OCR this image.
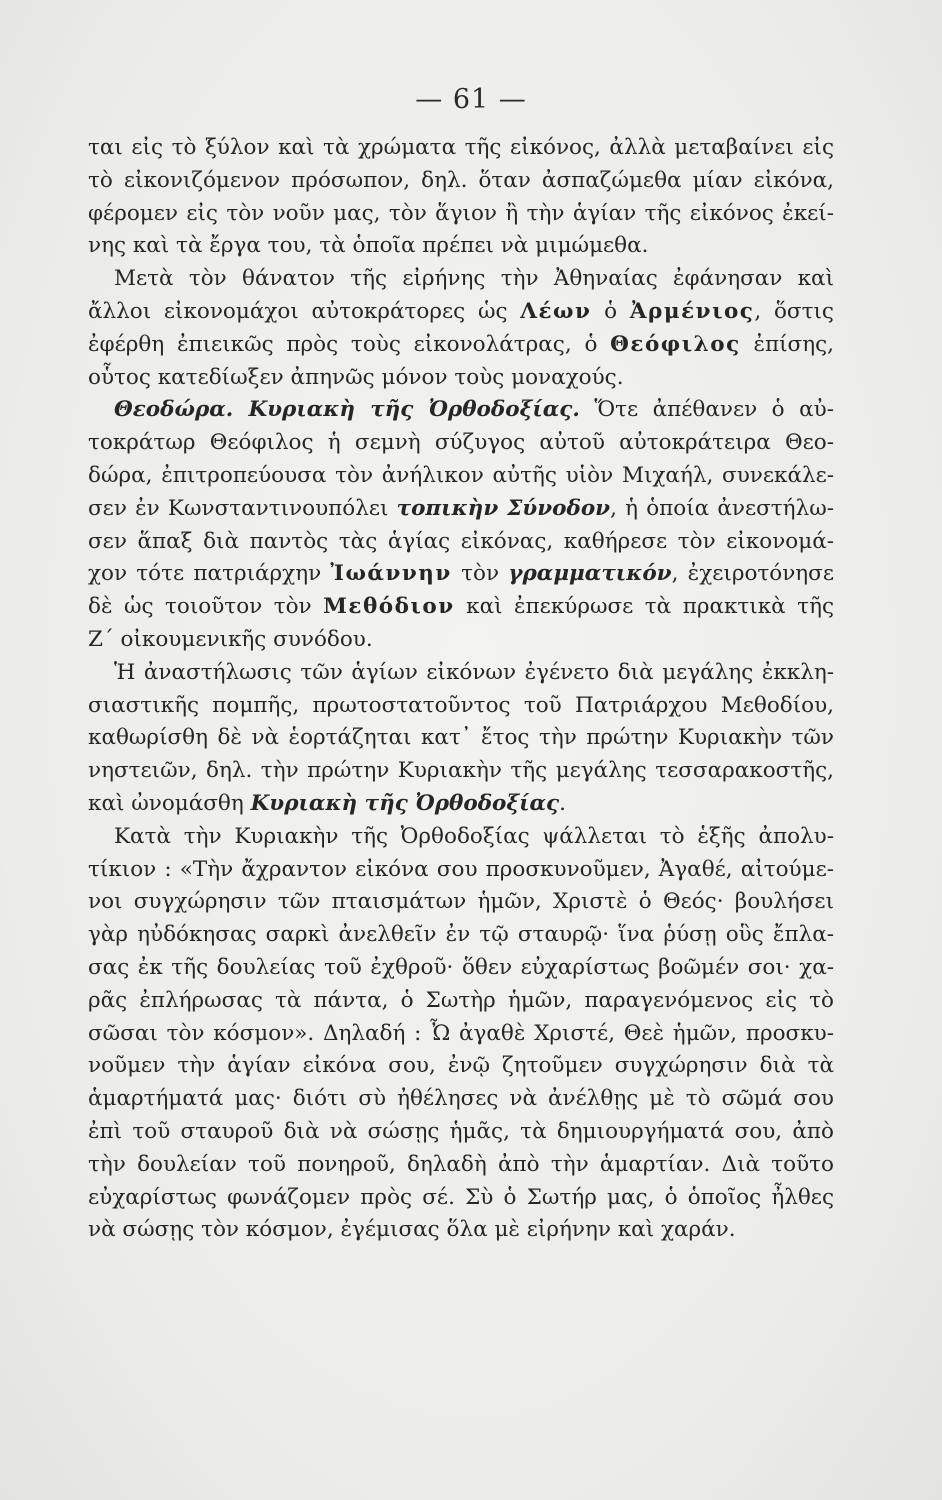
— 61 —
ται εἰς τὸ ξύλον καὶ τὰ χρώματα τῆς εἰκόνος, ἀλλὰ μεταβαίνει εἰς
τὸ εἰκονιζόμενον πρόσωπον, δηλ. ὅταν ἀσπαζώμεθα μίαν εἰκόνα,
φέρομεν εἰς τὸν νοῦν μας, τὸν ἅγιον ἢ τὴν ἁγίαν τῆς εἰκόνος ἐκεί-
νης καὶ τὰ ἔργα του, τὰ ὁποῖα πρέπει νὰ μιμώμεθα.
Μετὰ τὸν θάνατον τῆς εἰρήνης τὴν Ἀθηναίας ἐφάνησαν καὶ
ἄλλοι εἰκονομάχοι αὐτοκράτορες ὡς Λέων ὁ Ἀρμένιος, ὅστις
ἐφέρθη ἐπιεικῶς πρὸς τοὺς εἰκονολάτρας, ὁ Θεόφιλος ἐπίσης,
οὗτος κατεδίωξεν ἀπηνῶς μόνον τοὺς μοναχούς.
Θεοδώρα. Κυριακὴ τῆς Ὀρθοδοξίας. Ὅτε ἀπέθανεν ὁ αὐ-
τοκράτωρ Θεόφιλος ἡ σεμνὴ σύζυγος αὐτοῦ αὐτοκράτειρα Θεο-
δώρα, ἐπιτροπεύουσα τὸν ἀνήλικον αὐτῆς υἱὸν Μιχαήλ, συνεκάλε-
σεν ἐν Κωνσταντινουπόλει τοπικὴν Σύνοδον, ἡ ὁποία ἀνεστήλω-
σεν ἅπαξ διὰ παντὸς τὰς ἁγίας εἰκόνας, καθήρεσε τὸν εἰκονομά-
χον τότε πατριάρχην Ἰωάννην τὸν γραμματικόν, ἐχειροτόνησε
δὲ ὡς τοιοῦτον τὸν Μεθόδιον καὶ ἐπεκύρωσε τὰ πρακτικὰ τῆς
Ζ´ οἰκουμενικῆς συνόδου.
Ἡ ἀναστήλωσις τῶν ἁγίων εἰκόνων ἐγένετο διὰ μεγάλης ἐκκλη-
σιαστικῆς πομπῆς, πρωτοστατοῦντος τοῦ Πατριάρχου Μεθοδίου,
καθωρίσθη δὲ νὰ ἑορτάζηται κατ᾽ ἔτος τὴν πρώτην Κυριακὴν τῶν
νηστειῶν, δηλ. τὴν πρώτην Κυριακὴν τῆς μεγάλης τεσσαρακοστῆς,
καὶ ὠνομάσθη Κυριακὴ τῆς Ὀρθοδοξίας.
Κατὰ τὴν Κυριακὴν τῆς Ὀρθοδοξίας ψάλλεται τὸ ἑξῆς ἀπολυ-
τίκιον : «Τὴν ἄχραντον εἰκόνα σου προσκυνοῦμεν, Ἀγαθέ, αἰτούμε-
νοι συγχώρησιν τῶν πταισμάτων ἡμῶν, Χριστὲ ὁ Θεός· βουλήσει
γὰρ ηὐδόκησας σαρκὶ ἀνελθεῖν ἐν τῷ σταυρῷ· ἵνα ῥύσῃ οὓς ἔπλα-
σας ἐκ τῆς δουλείας τοῦ ἐχθροῦ· ὅθεν εὐχαρίστως βοῶμέν σοι· χα-
ρᾶς ἐπλήρωσας τὰ πάντα, ὁ Σωτὴρ ἡμῶν, παραγενόμενος εἰς τὸ
σῶσαι τὸν κόσμον». Δηλαδή : Ὦ ἀγαθὲ Χριστέ, Θεὲ ἡμῶν, προσκυ-
νοῦμεν τὴν ἁγίαν εἰκόνα σου, ἐνῷ ζητοῦμεν συγχώρησιν διὰ τὰ
ἁμαρτήματά μας· διότι σὺ ἠθέλησες νὰ ἀνέλθῃς μὲ τὸ σῶμά σου
ἐπὶ τοῦ σταυροῦ διὰ νὰ σώσῃς ἡμᾶς, τὰ δημιουργήματά σου, ἀπὸ
τὴν δουλείαν τοῦ πονηροῦ, δηλαδὴ ἀπὸ τὴν ἁμαρτίαν. Διὰ τοῦτο
εὐχαρίστως φωνάζομεν πρὸς σέ. Σὺ ὁ Σωτήρ μας, ὁ ὁποῖος ἦλθες
νὰ σώσῃς τὸν κόσμον, ἐγέμισας ὅλα μὲ εἰρήνην καὶ χαράν.
